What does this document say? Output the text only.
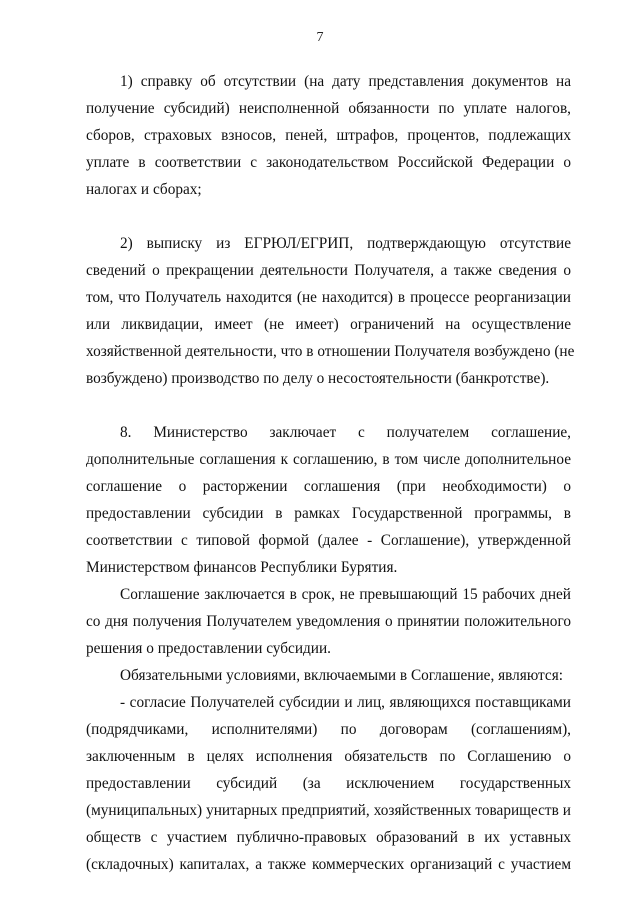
7
1) справку об отсутствии (на дату представления документов на
получение субсидий) неисполненной обязанности по уплате налогов,
сборов, страховых взносов, пеней, штрафов, процентов, подлежащих
уплате в соответствии с законодательством Российской Федерации о
налогах и сборах;
2) выписку из ЕГРЮЛ/ЕГРИП, подтверждающую отсутствие
сведений о прекращении деятельности Получателя, а также сведения о
том, что Получатель находится (не находится) в процессе реорганизации
или ликвидации, имеет (не имеет) ограничений на осуществление
хозяйственной деятельности, что в отношении Получателя возбуждено (не
возбуждено) производство по делу о несостоятельности (банкротстве).
8. Министерство заключает с получателем соглашение,
дополнительные соглашения к соглашению, в том числе дополнительное
соглашение о расторжении соглашения (при необходимости) о
предоставлении субсидии в рамках Государственной программы, в
соответствии с типовой формой (далее - Соглашение), утвержденной
Министерством финансов Республики Бурятия.
Соглашение заключается в срок, не превышающий 15 рабочих дней
со дня получения Получателем уведомления о принятии положительного
решения о предоставлении субсидии.
Обязательными условиями, включаемыми в Соглашение, являются:
- согласие Получателей субсидии и лиц, являющихся поставщиками
(подрядчиками, исполнителями) по договорам (соглашениям),
заключенным в целях исполнения обязательств по Соглашению о
предоставлении субсидий (за исключением государственных
(муниципальных) унитарных предприятий, хозяйственных товариществ и
обществ с участием публично-правовых образований в их уставных
(складочных) капиталах, а также коммерческих организаций с участием
